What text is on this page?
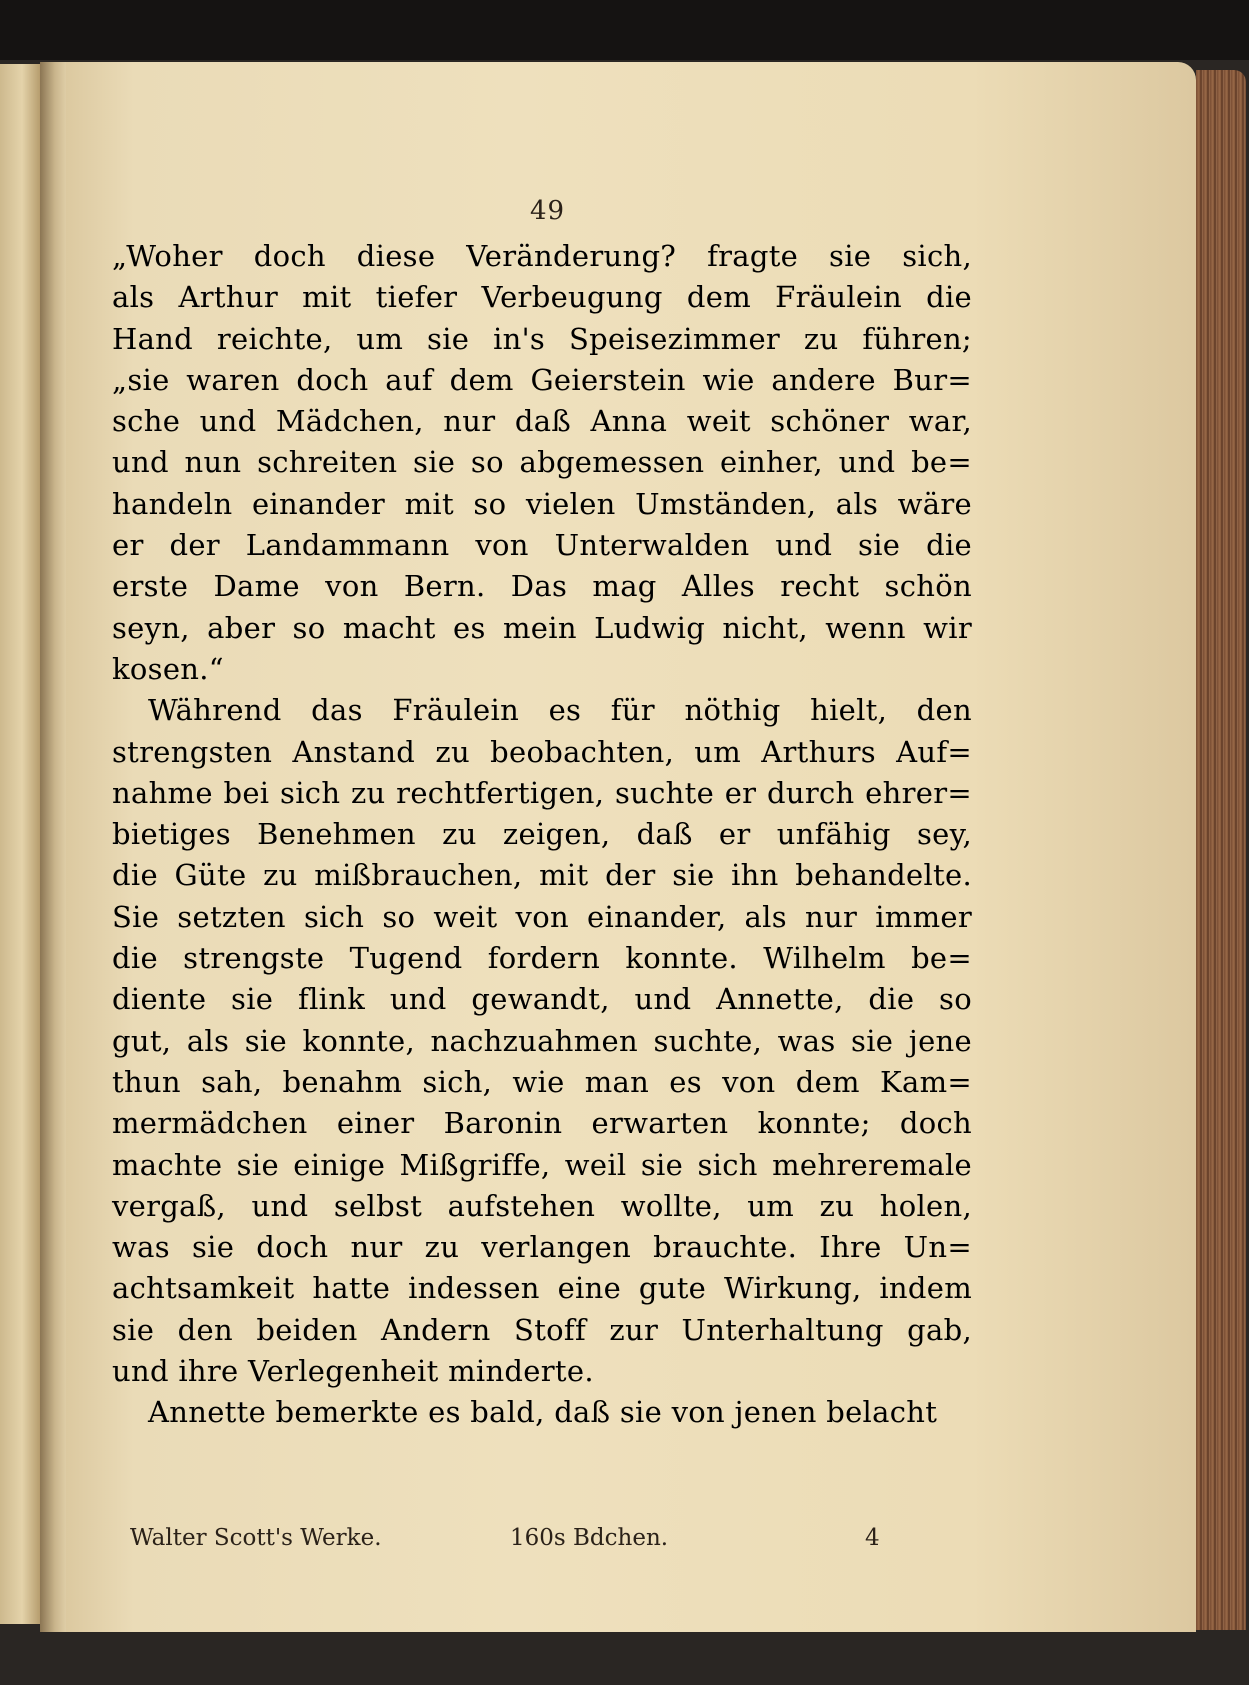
49
„Woher doch diese Veränderung? fragte sie sich,
als Arthur mit tiefer Verbeugung dem Fräulein die
Hand reichte, um sie in's Speisezimmer zu führen;
„sie waren doch auf dem Geierstein wie andere Bur=
sche und Mädchen, nur daß Anna weit schöner war,
und nun schreiten sie so abgemessen einher, und be=
handeln einander mit so vielen Umständen, als wäre
er der Landammann von Unterwalden und sie die
erste Dame von Bern. Das mag Alles recht schön
seyn, aber so macht es mein Ludwig nicht, wenn wir
kosen.“
Während das Fräulein es für nöthig hielt, den
strengsten Anstand zu beobachten, um Arthurs Auf=
nahme bei sich zu rechtfertigen, suchte er durch ehrer=
bietiges Benehmen zu zeigen, daß er unfähig sey,
die Güte zu mißbrauchen, mit der sie ihn behandelte.
Sie setzten sich so weit von einander, als nur immer
die strengste Tugend fordern konnte. Wilhelm be=
diente sie flink und gewandt, und Annette, die so
gut, als sie konnte, nachzuahmen suchte, was sie jene
thun sah, benahm sich, wie man es von dem Kam=
mermädchen einer Baronin erwarten konnte; doch
machte sie einige Mißgriffe, weil sie sich mehreremale
vergaß, und selbst aufstehen wollte, um zu holen,
was sie doch nur zu verlangen brauchte. Ihre Un=
achtsamkeit hatte indessen eine gute Wirkung, indem
sie den beiden Andern Stoff zur Unterhaltung gab,
und ihre Verlegenheit minderte.
Annette bemerkte es bald, daß sie von jenen belacht
Walter Scott's Werke.	160s Bdchen.	4
